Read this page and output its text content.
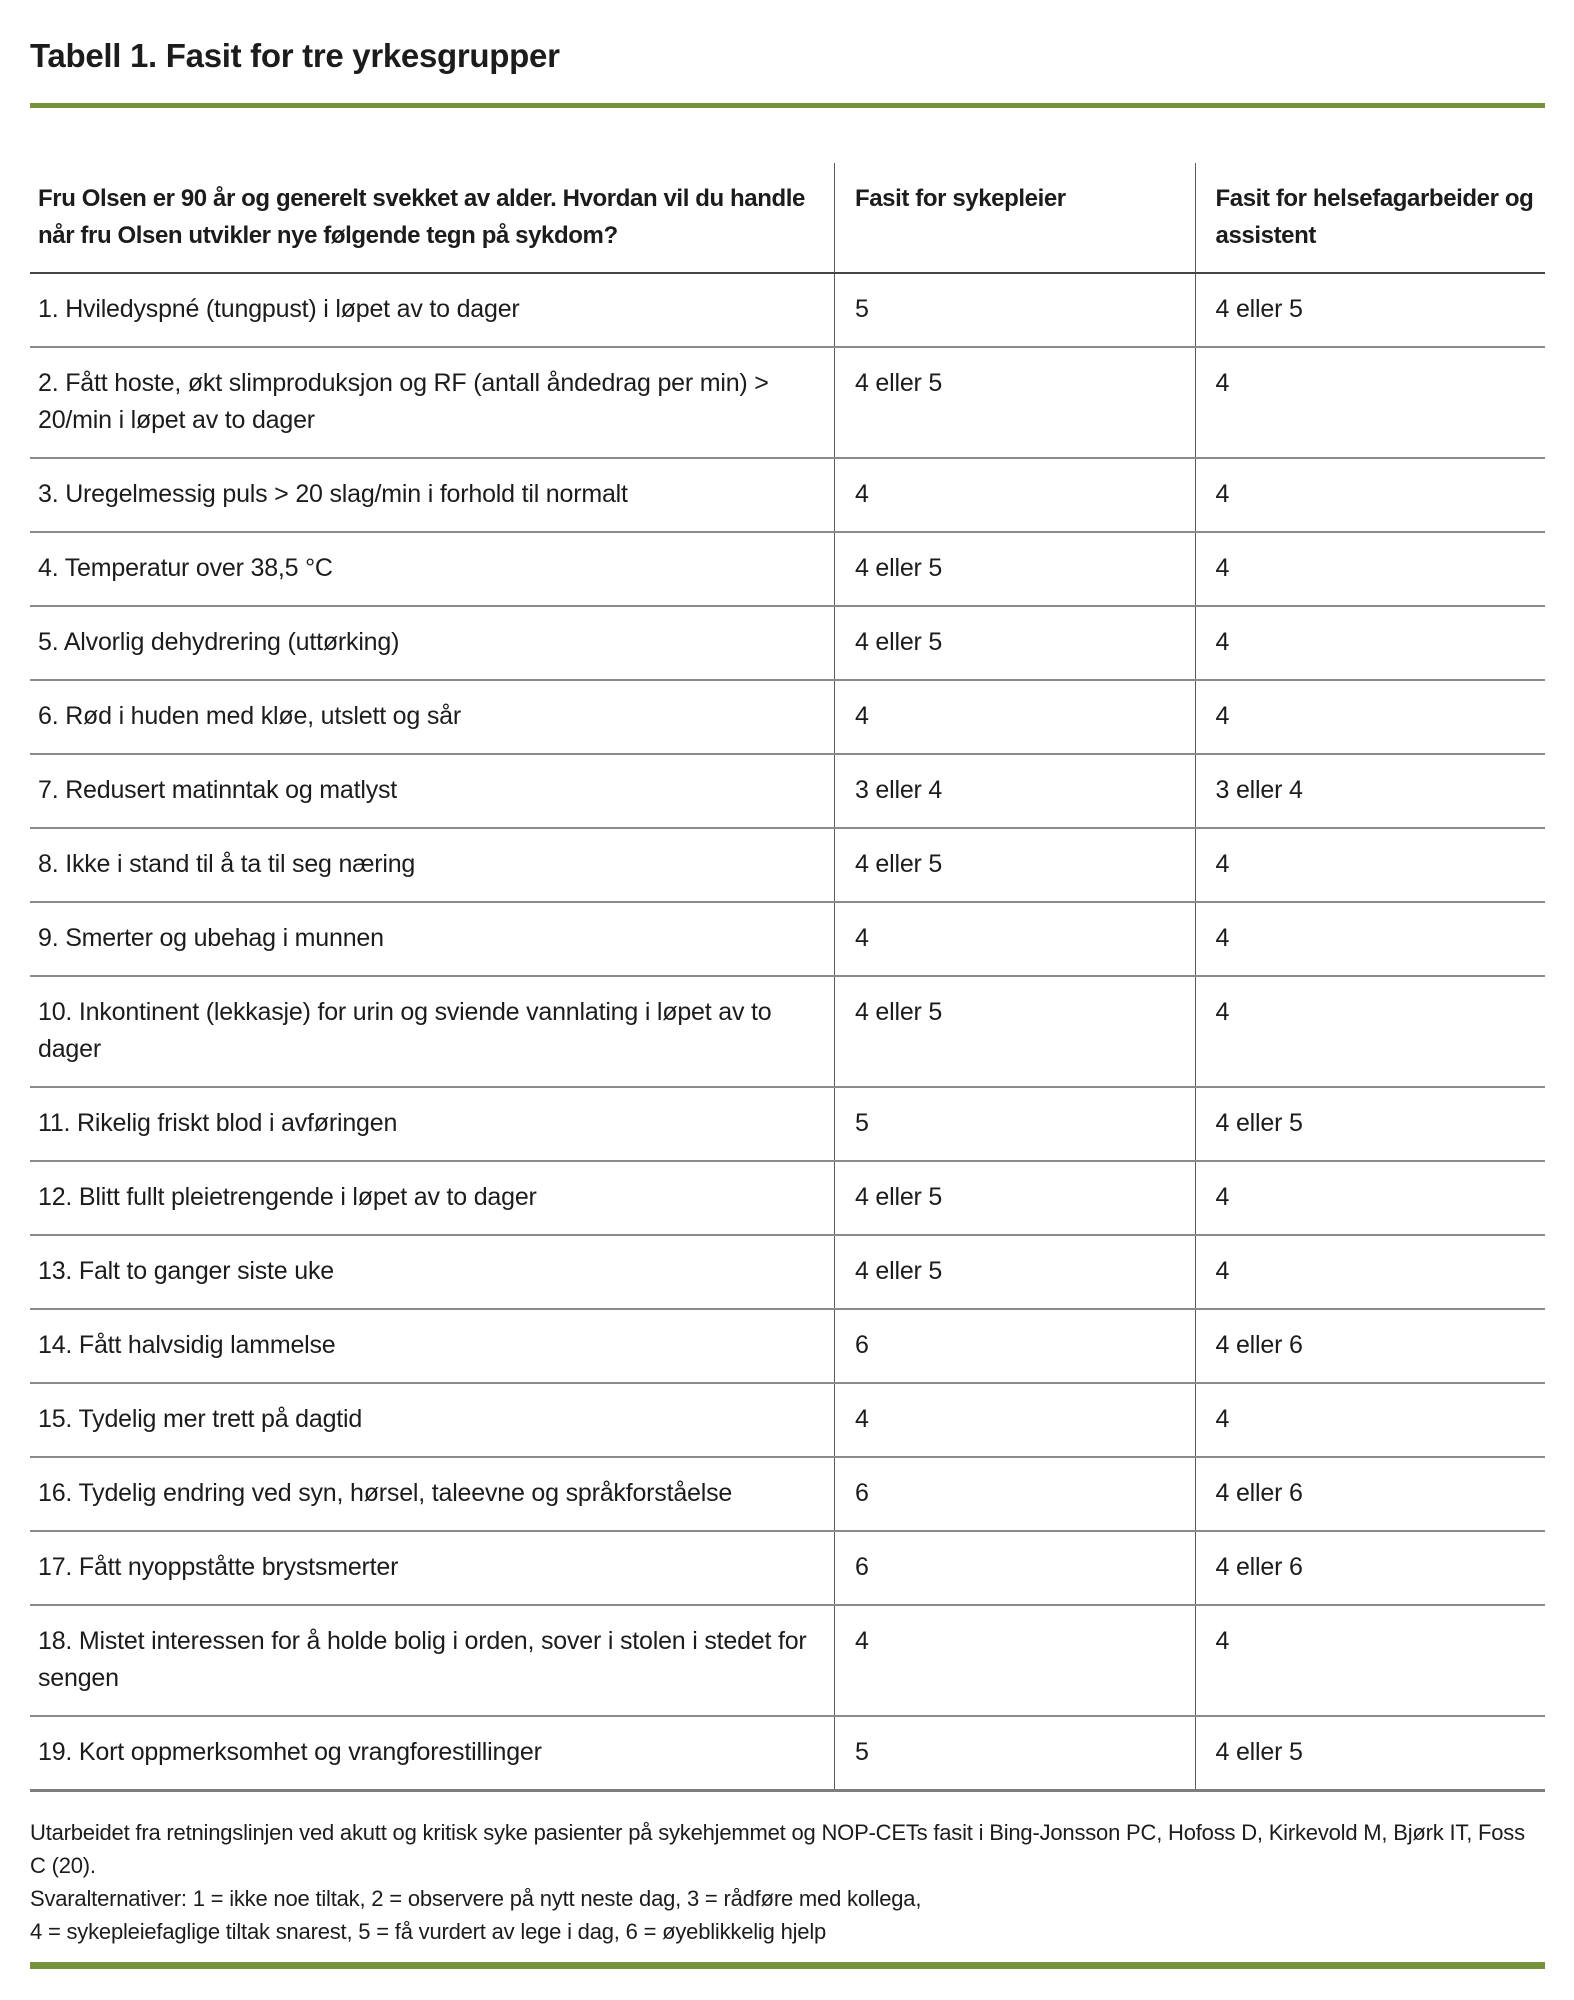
Tabell 1. Fasit for tre yrkesgrupper
Fru Olsen er 90 år og generelt svekket av alder. Hvordan vil du handle når fru Olsen utvikler nye følgende tegn på sykdom?	Fasit for sykepleier	Fasit for helsefagarbeider og assistent
1. Hviledyspné (tungpust) i løpet av to dager	5	4 eller 5
2. Fått hoste, økt slimproduksjon og RF (antall åndedrag per min) > 20/min i løpet av to dager	4 eller 5	4
3. Uregelmessig puls > 20 slag/min i forhold til normalt	4	4
4. Temperatur over 38,5 °C	4 eller 5	4
5. Alvorlig dehydrering (uttørking)	4 eller 5	4
6. Rød i huden med kløe, utslett og sår	4	4
7. Redusert matinntak og matlyst	3 eller 4	3 eller 4
8. Ikke i stand til å ta til seg næring	4 eller 5	4
9. Smerter og ubehag i munnen	4	4
10. Inkontinent (lekkasje) for urin og sviende vannlating i løpet av to dager	4 eller 5	4
11. Rikelig friskt blod i avføringen	5	4 eller 5
12. Blitt fullt pleietrengende i løpet av to dager	4 eller 5	4
13. Falt to ganger siste uke	4 eller 5	4
14. Fått halvsidig lammelse	6	4 eller 6
15. Tydelig mer trett på dagtid	4	4
16. Tydelig endring ved syn, hørsel, taleevne og språkforståelse	6	4 eller 6
17. Fått nyoppståtte brystsmerter	6	4 eller 6
18. Mistet interessen for å holde bolig i orden, sover i stolen i stedet for sengen	4	4
19. Kort oppmerksomhet og vrangforestillinger	5	4 eller 5

Utarbeidet fra retningslinjen ved akutt og kritisk syke pasienter på sykehjemmet og NOP-CETs fasit i Bing-Jonsson PC, Hofoss D, Kirkevold M, Bjørk IT, Foss C (20).

Svaralternativer: 1 = ikke noe tiltak, 2 = observere på nytt neste dag, 3 = rådføre med kollega,

4 = sykepleiefaglige tiltak snarest, 5 = få vurdert av lege i dag, 6 = øyeblikkelig hjelp
